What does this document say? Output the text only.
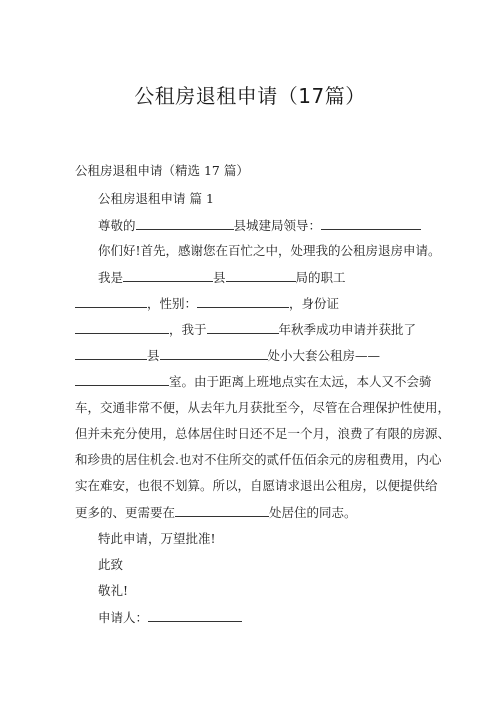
公租房退租申请（17篇）
公租房退租申请（精选 17 篇）
公租房退租申请 篇 1
尊敬的	县城建局领导：
你们好!首先，感谢您在百忙之中，处理我的公租房退房申请。
我是	县	局的职工
，性别：	，身份证
，我于	年秋季成功申请并获批了
县	处小大套公租房——
室。由于距离上班地点实在太远，本人又不会骑
车，交通非常不便，从去年九月获批至今，尽管在合理保护性使用，
但并未充分使用，总体居住时日还不足一个月，浪费了有限的房源、
和珍贵的居住机会.也对不住所交的贰仟伍佰余元的房租费用，内心
实在难安，也很不划算。所以，自愿请求退出公租房，以便提供给
更多的、更需要在	处居住的同志。
特此申请，万望批准!
此致
敬礼!
申请人：
